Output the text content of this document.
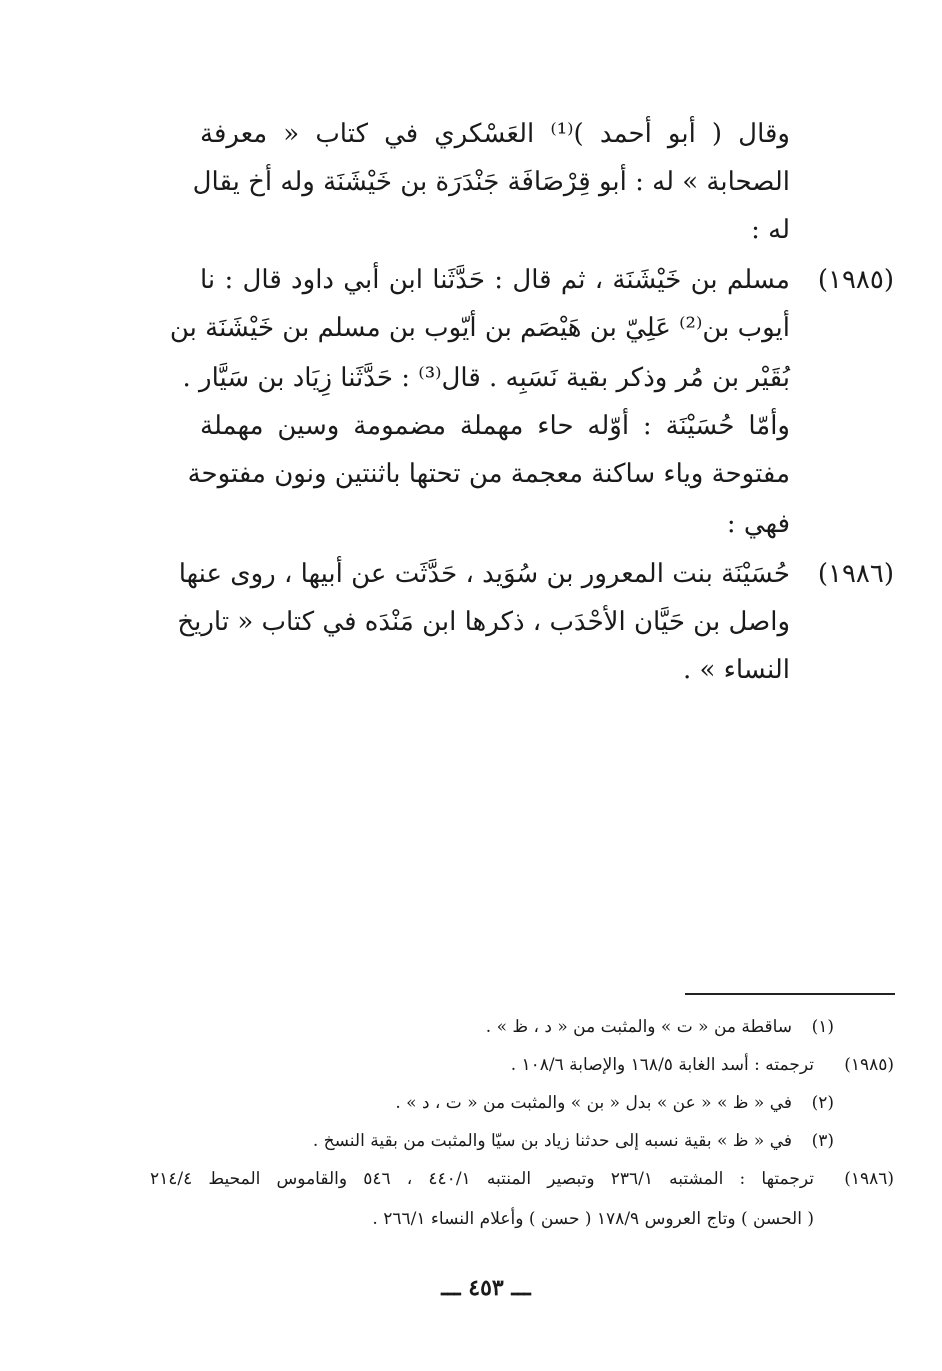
وقال ( أبو أحمد )⁽¹⁾ العَسْكري في كتاب « معرفة
الصحابة » له : أبو قِرْصَافَة جَنْدَرَة بن خَيْشَنَة وله أخ يقال
له :
(١٩٨٥)
مسلم بن خَيْشَنَة ، ثم قال : حَدَّثَنا ابن أبي داود قال : نا
أيوب بن⁽²⁾ عَلِيّ بن هَيْصَم بن أيّوب بن مسلم بن خَيْشَنَة بن
بُقَيْر بن مُر وذكر بقية نَسَبِه . قال⁽³⁾ : حَدَّثَنا زِيَاد بن سَيَّار .
وأمّا حُسَيْنَة : أوّله حاء مهملة مضمومة وسين مهملة
مفتوحة وياء ساكنة معجمة من تحتها باثنتين ونون مفتوحة
فهي :
(١٩٨٦)
حُسَيْنَة بنت المعرور بن سُوَيد ، حَدَّثَت عن أبيها ، روى عنها
واصل بن حَيَّان الأحْدَب ، ذكرها ابن مَنْدَه في كتاب « تاريخ
النساء » .
(١)
ساقطة من « ت » والمثبت من « د ، ظ » .
(١٩٨٥)
ترجمته : أسد الغابة ١٦٨/٥ والإصابة ١٠٨/٦ .
(٢)
في « ظ » « عن » بدل « بن » والمثبت من « ت ، د » .
(٣)
في « ظ » بقية نسبه إلى حدثنا زياد بن سيّا والمثبت من بقية النسخ .
(١٩٨٦)
ترجمتها : المشتبه ٢٣٦/١ وتبصير المنتبه ٤٤٠/١ ، ٥٤٦ والقاموس المحيط ٢١٤/٤
( الحسن ) وتاج العروس ١٧٨/٩ ( حسن ) وأعلام النساء ٢٦٦/١ .
ـــ ٤٥٣ ـــ
